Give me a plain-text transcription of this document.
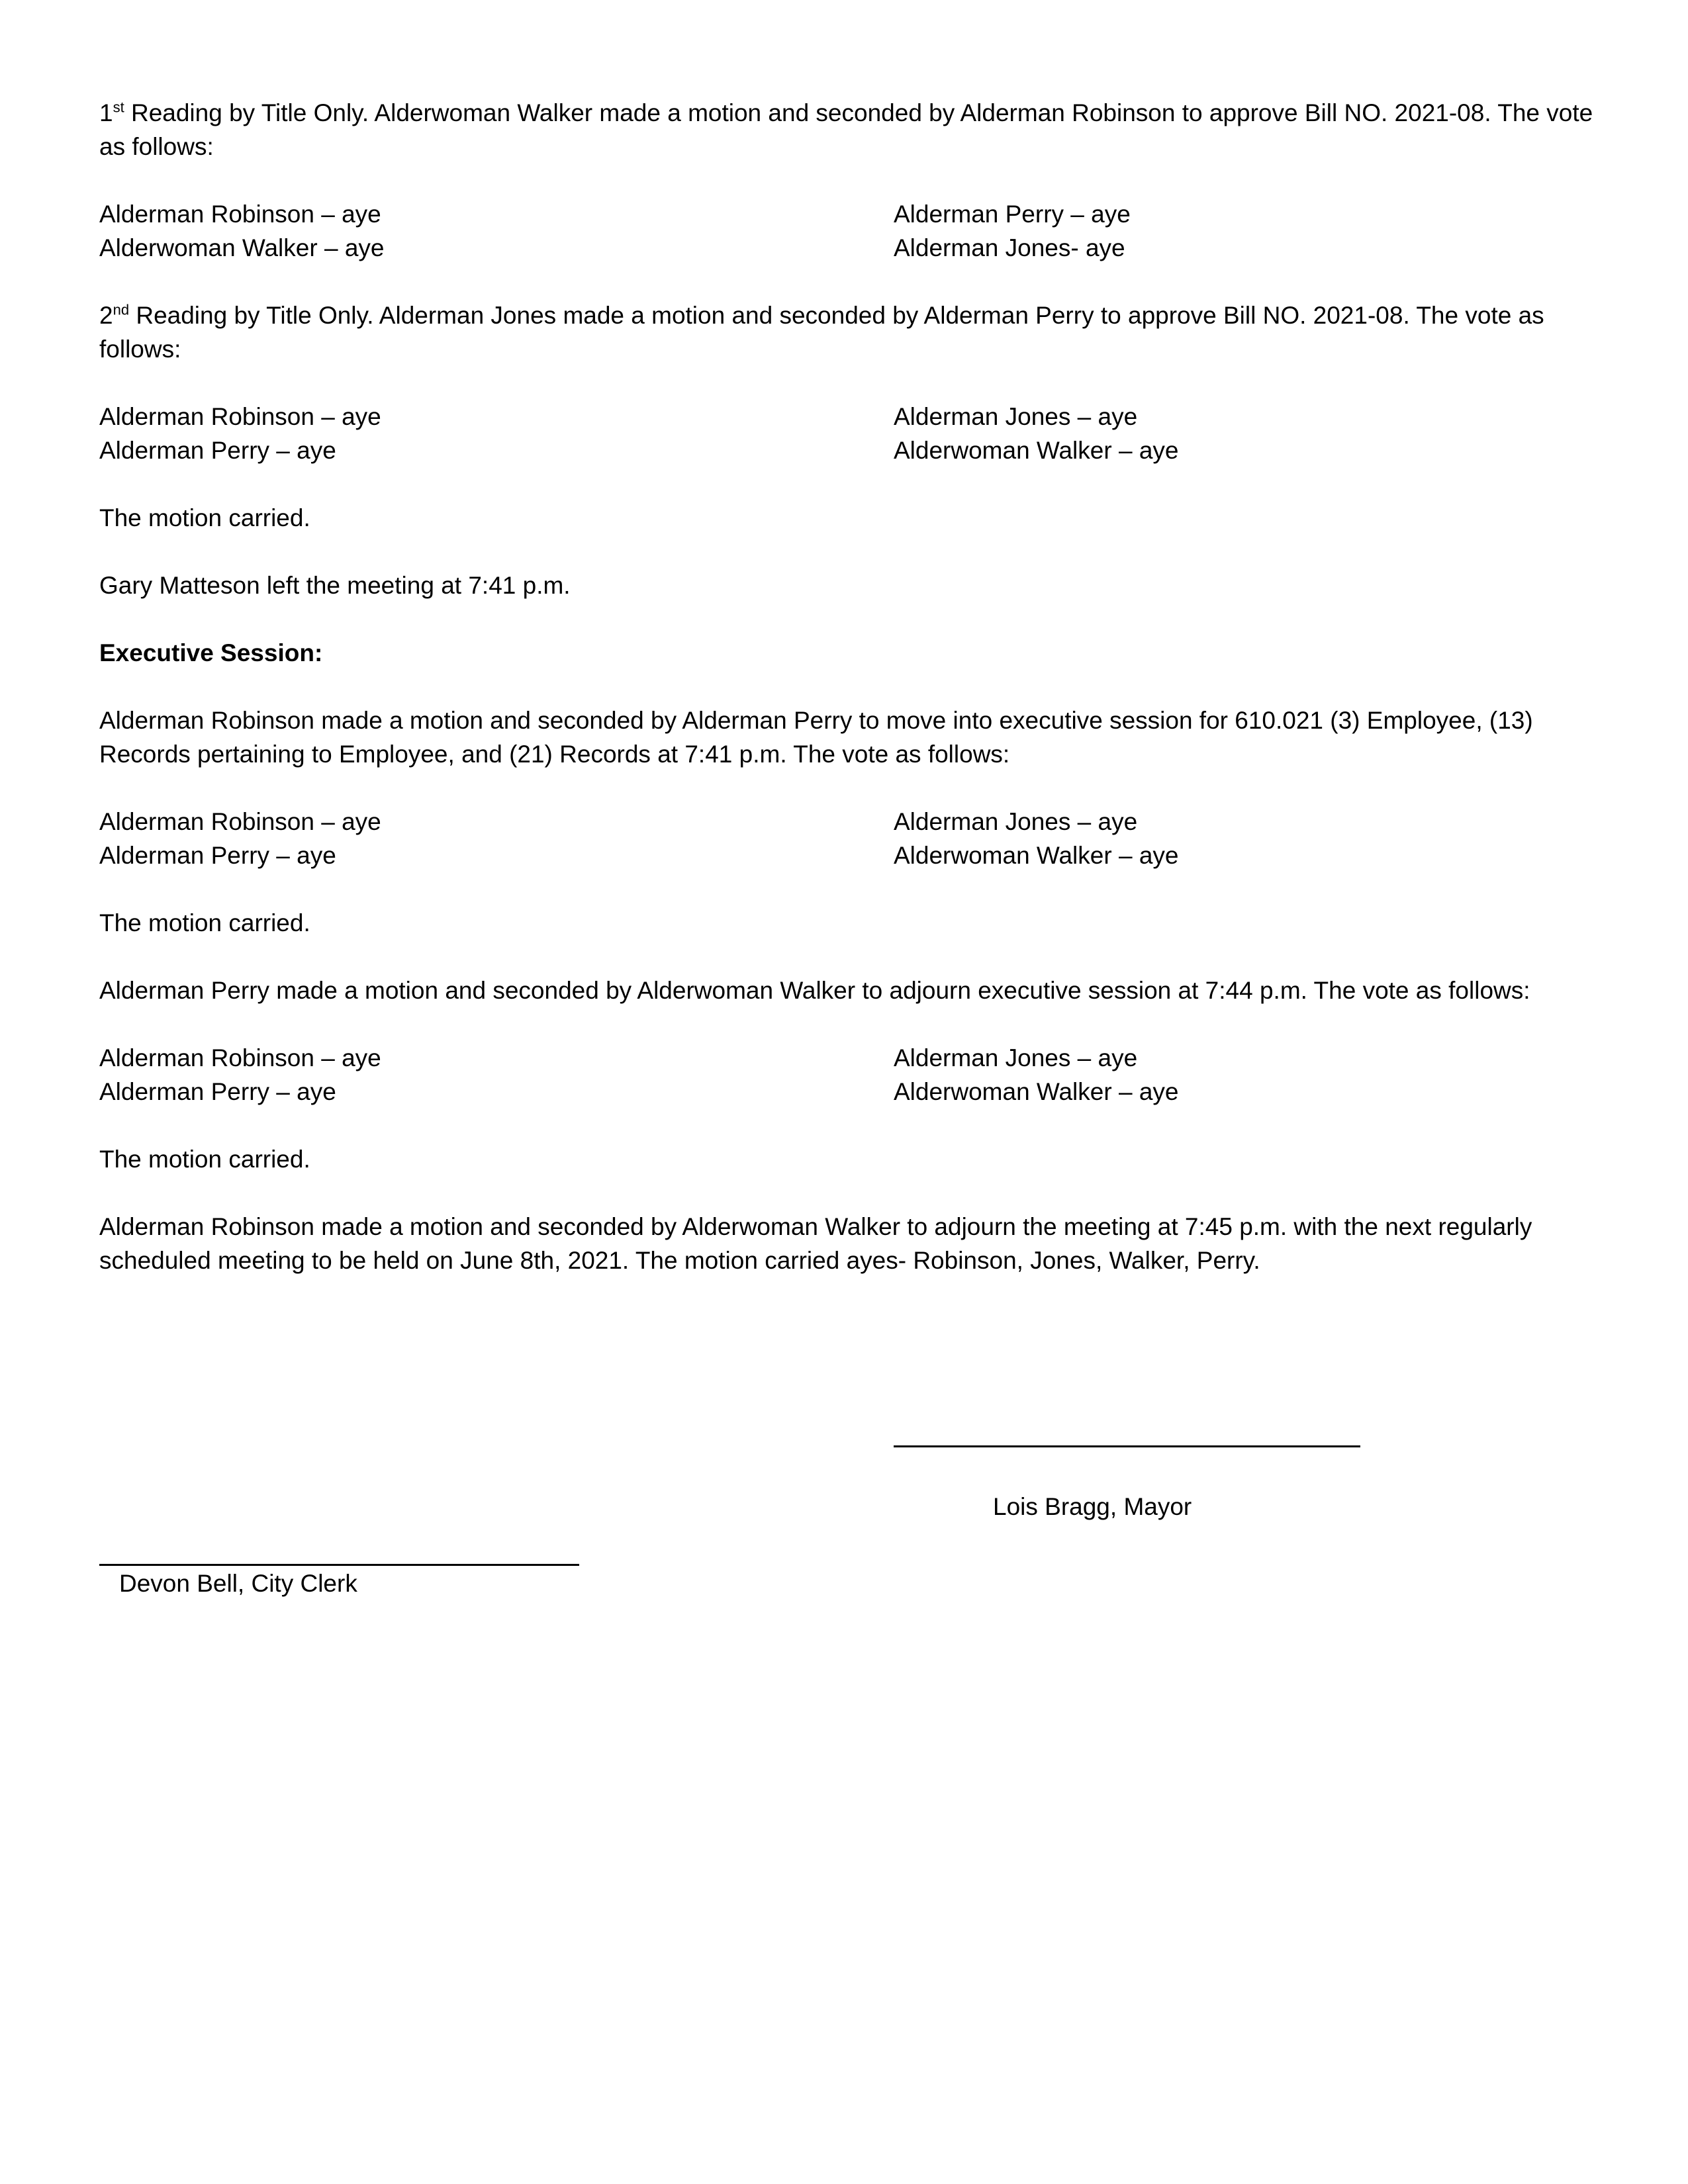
1st Reading by Title Only. Alderwoman Walker made a motion and seconded by Alderman Robinson to approve Bill NO. 2021-08. The vote as follows:

Alderman Robinson – aye	Alderman Perry – aye
Alderwoman Walker – aye	Alderman Jones- aye

2nd Reading by Title Only. Alderman Jones made a motion and seconded by Alderman Perry to approve Bill NO. 2021-08. The vote as follows:

Alderman Robinson – aye	Alderman Jones – aye
Alderman Perry – aye	Alderwoman Walker – aye

The motion carried.

Gary Matteson left the meeting at 7:41 p.m.

Executive Session:

Alderman Robinson made a motion and seconded by Alderman Perry to move into executive session for 610.021 (3) Employee, (13) Records pertaining to Employee, and (21) Records at 7:41 p.m. The vote as follows:

Alderman Robinson – aye	Alderman Jones – aye
Alderman Perry – aye	Alderwoman Walker – aye

The motion carried.

Alderman Perry made a motion and seconded by Alderwoman Walker to adjourn executive session at 7:44 p.m. The vote as follows:

Alderman Robinson – aye	Alderman Jones – aye
Alderman Perry – aye	Alderwoman Walker – aye

The motion carried.

Alderman Robinson made a motion and seconded by Alderwoman Walker to adjourn the meeting at 7:45 p.m. with the next regularly scheduled meeting to be held on June 8th, 2021. The motion carried ayes- Robinson, Jones, Walker, Perry.

Lois Bragg, Mayor
Devon Bell, City Clerk
